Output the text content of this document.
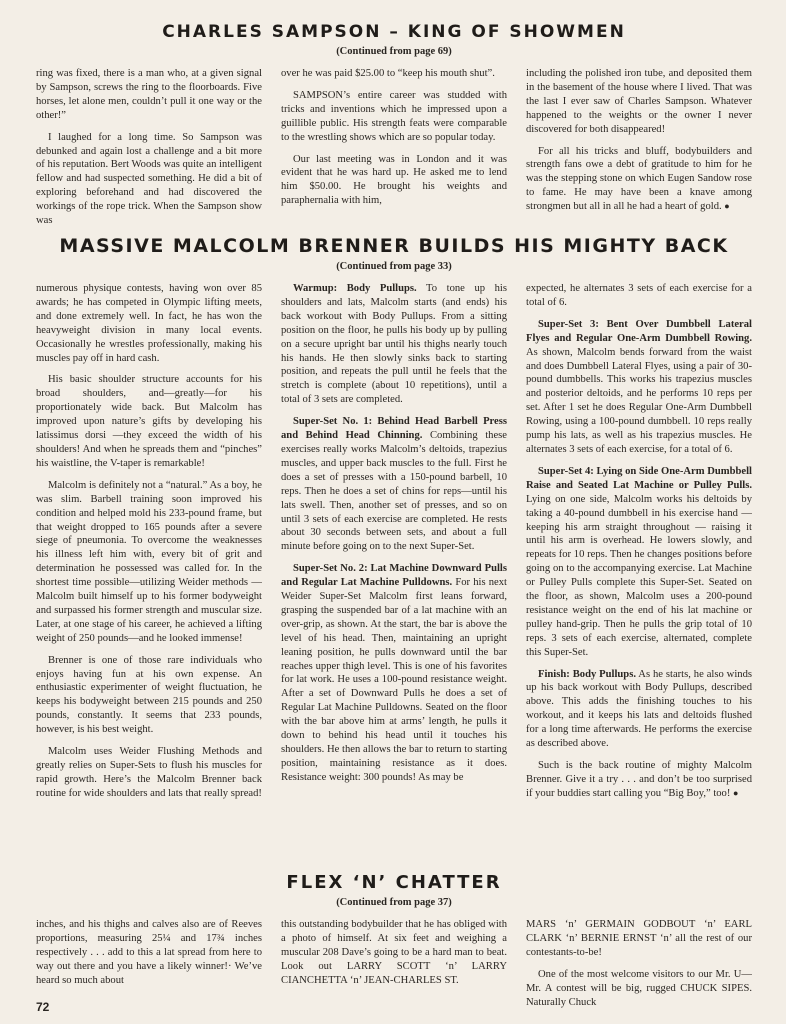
CHARLES SAMPSON – KING OF SHOWMEN
(Continued from page 69)

ring was fixed, there is a man who, at a given signal by Sampson, screws the ring to the floorboards. Five horses, let alone men, couldn’t pull it one way or the other!”

I laughed for a long time. So Sampson was debunked and again lost a challenge and a bit more of his reputation. Bert Woods was quite an intelligent fellow and had suspected something. He did a bit of exploring beforehand and had discovered the workings of the rope trick. When the Sampson show was

over he was paid $25.00 to “keep his mouth shut”.

SAMPSON’s entire career was studded with tricks and inventions which he impressed upon a guillible public. His strength feats were comparable to the wrestling shows which are so popular today.

Our last meeting was in London and it was evident that he was hard up. He asked me to lend him $50.00. He brought his weights and paraphernalia with him,

including the polished iron tube, and deposited them in the basement of the house where I lived. That was the last I ever saw of Charles Sampson. Whatever happened to the weights or the owner I never discovered for both disappeared!

For all his tricks and bluff, bodybuilders and strength fans owe a debt of gratitude to him for he was the stepping stone on which Eugen Sandow rose to fame. He may have been a knave among strongmen but all in all he had a heart of gold. ●

MASSIVE MALCOLM BRENNER BUILDS HIS MIGHTY BACK
(Continued from page 33)

numerous physique contests, having won over 85 awards; he has competed in Olympic lifting meets, and done extremely well. In fact, he has won the heavyweight division in many local events. Occasionally he wrestles professionally, making his muscles pay off in hard cash.

His basic shoulder structure accounts for his broad shoulders, and—greatly—for his proportionately wide back. But Malcolm has improved upon nature’s gifts by developing his latissimus dorsi —they exceed the width of his shoulders! And when he spreads them and “pinches” his waistline, the V-taper is remarkable!

Malcolm is definitely not a “natural.” As a boy, he was slim. Barbell training soon improved his condition and helped mold his 233-pound frame, but that weight dropped to 165 pounds after a severe siege of pneumonia. To overcome the weaknesses his illness left him with, every bit of grit and determination he possessed was called for. In the shortest time possible—utilizing Weider methods — Malcolm built himself up to his former bodyweight and surpassed his former strength and muscular size. Later, at one stage of his career, he achieved a lifting weight of 250 pounds—and he looked immense!

Brenner is one of those rare individuals who enjoys having fun at his own expense. An enthusiastic experimenter of weight fluctuation, he keeps his bodyweight between 215 pounds and 250 pounds, constantly. It seems that 233 pounds, however, is his best weight.

Malcolm uses Weider Flushing Methods and greatly relies on Super-Sets to flush his muscles for rapid growth. Here’s the Malcolm Brenner back routine for wide shoulders and lats that really spread!

Warmup: Body Pullups. To tone up his shoulders and lats, Malcolm starts (and ends) his back workout with Body Pullups. From a sitting position on the floor, he pulls his body up by pulling on a secure upright bar until his thighs nearly touch his hands. He then slowly sinks back to starting position, and repeats the pull until he feels that the stretch is complete (about 10 repetitions), until a total of 3 sets are completed.

Super-Set No. 1: Behind Head Barbell Press and Behind Head Chinning. Combining these exercises really works Malcolm’s deltoids, trapezius muscles, and upper back muscles to the full. First he does a set of presses with a 150-pound barbell, 10 reps. Then he does a set of chins for reps—until his lats swell. Then, another set of presses, and so on until 3 sets of each exercise are completed. He rests about 30 seconds between sets, and about a full minute before going on to the next Super-Set.

Super-Set No. 2: Lat Machine Downward Pulls and Regular Lat Machine Pulldowns. For his next Weider Super-Set Malcolm first leans forward, grasping the suspended bar of a lat machine with an over-grip, as shown. At the start, the bar is above the level of his head. Then, maintaining an upright leaning position, he pulls downward until the bar reaches upper thigh level. This is one of his favorites for lat work. He uses a 100-pound resistance weight. After a set of Downward Pulls he does a set of Regular Lat Machine Pulldowns. Seated on the floor with the bar above him at arms’ length, he pulls it down to behind his head until it touches his shoulders. He then allows the bar to return to starting position, maintaining resistance as it does. Resistance weight: 300 pounds! As may be

expected, he alternates 3 sets of each exercise for a total of 6.

Super-Set 3: Bent Over Dumbbell Lateral Flyes and Regular One-Arm Dumbbell Rowing. As shown, Malcolm bends forward from the waist and does Dumbbell Lateral Flyes, using a pair of 30-pound dumbbells. This works his trapezius muscles and posterior deltoids, and he performs 10 reps per set. After 1 set he does Regular One-Arm Dumbbell Rowing, using a 100-pound dumbbell. 10 reps really pump his lats, as well as his trapezius muscles. He alternates 3 sets of each exercise, for a total of 6.

Super-Set 4: Lying on Side One-Arm Dumbbell Raise and Seated Lat Machine or Pulley Pulls. Lying on one side, Malcolm works his deltoids by taking a 40-pound dumbbell in his exercise hand — keeping his arm straight throughout — raising it until his arm is overhead. He lowers slowly, and repeats for 10 reps. Then he changes positions before going on to the accompanying exercise. Lat Machine or Pulley Pulls complete this Super-Set. Seated on the floor, as shown, Malcolm uses a 200-pound resistance weight on the end of his lat machine or pulley hand-grip. Then he pulls the grip total of 10 reps. 3 sets of each exercise, alternated, complete this Super-Set.

Finish: Body Pullups. As he starts, he also winds up his back workout with Body Pullups, described above. This adds the finishing touches to his workout, and it keeps his lats and deltoids flushed for a long time afterwards. He performs the exercise as described above.

Such is the back routine of mighty Malcolm Brenner. Give it a try . . . and don’t be too surprised if your buddies start calling you “Big Boy,” too! ●

FLEX ‘N’ CHATTER
(Continued from page 37)

inches, and his thighs and calves also are of Reeves proportions, measuring 25¼ and 17¾ inches respectively . . . add to this a lat spread from here to way out there and you have a likely winner!· We’ve heard so much about

this outstanding bodybuilder that he has obliged with a photo of himself. At six feet and weighing a muscular 208 Dave’s going to be a hard man to beat. Look out LARRY SCOTT ‘n’ LARRY CIANCHETTA ‘n’ JEAN-CHARLES ST.

MARS ‘n’ GERMAIN GODBOUT ‘n’ EARL CLARK ‘n’ BERNIE ERNST ‘n’ all the rest of our contestants-to-be!

One of the most welcome visitors to our Mr. U—Mr. A contest will be big, rugged CHUCK SIPES. Naturally Chuck

72
